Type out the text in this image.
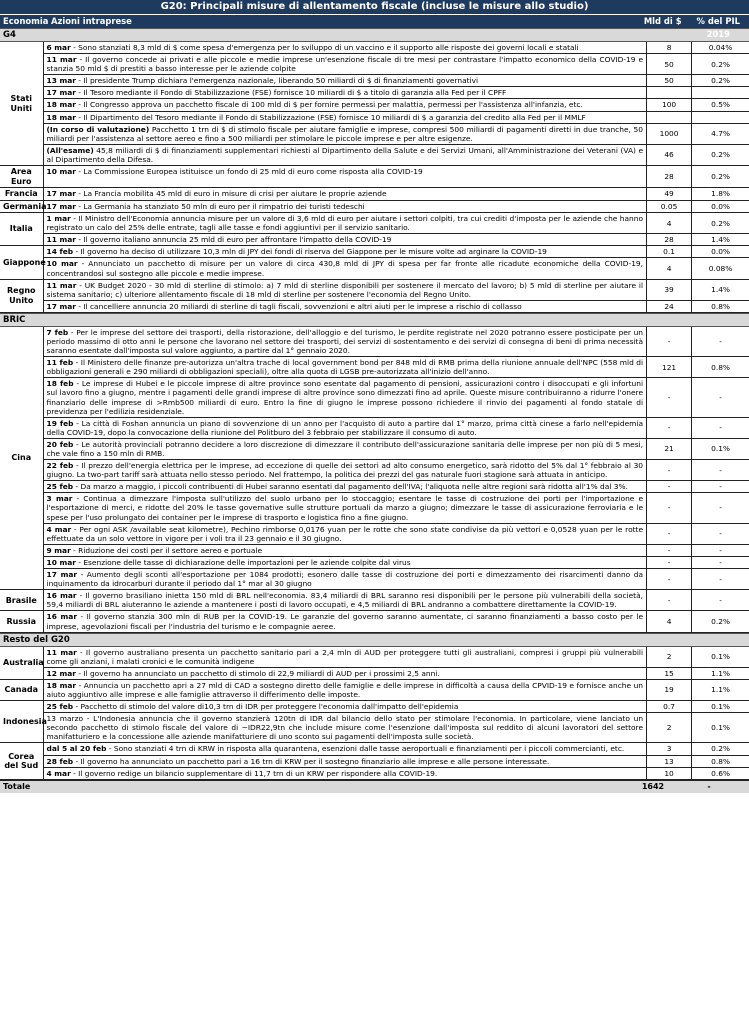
G20: Principali misure di allentamento fiscale (incluse le misure allo studio)
Economia Azioni intraprese	Mld di $	% del PIL 2019
G4
Stati Uniti	6 mar - Sono stanziati 8,3 mld di $ come spesa d'emergenza per lo sviluppo di un vaccino e il supporto alle risposte dei governi locali e statali	8	0.04%
	11 mar - Il governo concede ai privati e alle piccole e medie imprese un'esenzione fiscale di tre mesi per contrastare l'impatto economico della COVID-19 e stanzia 50 mld $ di prestiti a basso interesse per le aziende colpite	50	0.2%
	13 mar - Il presidente Trump dichiara l'emergenza nazionale, liberando 50 miliardi di $ di finanziamenti governativi	50	0.2%
	17 mar - Il Tesoro mediante il Fondo di Stabilizzazione (FSE) fornisce 10 miliardi di $ a titolo di garanzia alla Fed per il CPFF		
	18 mar - Il Congresso approva un pacchetto fiscale di 100 mld di $ per fornire permessi per malattia, permessi per l'assistenza all'infanzia, etc.	100	0.5%
	18 mar - Il Dipartimento del Tesoro mediante il Fondo di Stabilizzazione (FSE) fornisce 10 miliardi di $ a garanzia del credito alla Fed per il MMLF		
	(In corso di valutazione) Pacchetto 1 trn di $ di stimolo fiscale per aiutare famiglie e imprese, compresi 500 miliardi di pagamenti diretti in due tranche, 50 miliardi per l'assistenza al settore aereo e fino a 500 miliardi per stimolare le piccole imprese e per altre esigenze.	1000	4.7%
	(All'esame) 45,8 miliardi di $ di finanziamenti supplementari richiesti al Dipartimento della Salute e dei Servizi Umani, all'Amministrazione dei Veterani (VA) e al Dipartimento della Difesa.	46	0.2%
Area Euro	10 mar - La Commissione Europea istituisce un fondo di 25 mld di euro come risposta alla COVID-19	28	0.2%
Francia	17 mar - La Francia mobilita 45 mld di euro in misure di crisi per aiutare le proprie aziende	49	1.8%
Germania	17 mar - La Germania ha stanziato 50 mln di euro per il rimpatrio dei turisti tedeschi	0.05	0.0%
Italia	1 mar - Il Ministro dell'Economia annuncia misure per un valore di 3,6 mld di euro per aiutare i settori colpiti, tra cui crediti d'imposta per le aziende che hanno registrato un calo del 25% delle entrate, tagli alle tasse e fondi aggiuntivi per il servizio sanitario.	4	0.2%
	11 mar - Il governo italiano annuncia 25 mld di euro per affrontare l'impatto della COVID-19	28	1.4%
Giappone	14 feb - Il governo ha deciso di utilizzare 10,3 mln di JPY dei fondi di riserva del Giappone per le misure volte ad arginare la COVID-19	0.1	0.0%
	10 mar - Annunciato un pacchetto di misure per un valore di circa 430,8 mld di JPY di spesa per far fronte alle ricadute economiche della COVID-19, concentrandosi sul sostegno alle piccole e medie imprese.	4	0.08%
Regno Unito	11 mar - UK Budget 2020 - 30 mld di sterline di stimolo: a) 7 mld di sterline disponibili per sostenere il mercato del lavoro; b) 5 mld di sterline per aiutare il sistema sanitario; c) ulteriore allentamento fiscale di 18 mld di sterline per sostenere l'economia del Regno Unito.	39	1.4%
	17 mar - Il cancelliere annuncia 20 miliardi di sterline di tagli fiscali, sovvenzioni e altri aiuti per le imprese a rischio di collasso	24	0.8%
BRIC
Cina	7 feb - Per le imprese del settore dei trasporti, della ristorazione, dell'alloggio e del turismo, le perdite registrate nel 2020 potranno essere posticipate per un periodo massimo di otto anni le persone che lavorano nel settore dei trasporti, dei servizi di sostentamento e dei servizi di consegna di beni di prima necessità saranno esentate dall'imposta sul valore aggiunto, a partire dal 1° gennaio 2020.	-	-
	11 feb - Il Ministero delle finanze pre-autorizza un'altra trache di local government bond per 848 mld di RMB prima della riunione annuale dell'NPC (558 mld di obbligazioni generali e 290 miliardi di obbligazioni speciali), oltre alla quota di LGSB pre-autorizzata all'inizio dell'anno.	121	0.8%
	18 feb - Le imprese di Hubei e le piccole imprese di altre province sono esentate dal pagamento di pensioni, assicurazioni contro i disoccupati e gli infortuni sul lavoro fino a giugno, mentre i pagamenti delle grandi imprese di altre province sono dimezzati fino ad aprile. Queste misure contribuiranno a ridurre l'onere finanziario delle imprese di >Rmb500 miliardi di euro. Entro la fine di giugno le imprese possono richiedere il rinvio dei pagamenti al fondo statale di previdenza per l'edilizia residenziale.	-	-
	19 feb - La città di Foshan annuncia un piano di sovvenzione di un anno per l'acquisto di auto a partire dal 1° marzo, prima città cinese a farlo nell'epidemia della COVID-19, dopo la convocazione della riunione del Politburo del 3 febbraio per stabilizzare il consumo di auto.	-	-
	20 feb - Le autorità provinciali potranno decidere a loro discrezione di dimezzare il contributo dell'assicurazione sanitaria delle imprese per non più di 5 mesi, che vale fino a 150 mln di RMB.	21	0.1%
	22 feb - Il prezzo dell'energia elettrica per le imprese, ad eccezione di quelle dei settori ad alto consumo energetico, sarà ridotto del 5% dal 1° febbraio al 30 giugno. La two-part tariff sarà attuata nello stesso periodo. Nel frattempo, la politica dei prezzi del gas naturale fuori stagione sarà attuata in anticipo.	-	-
	25 feb - Da marzo a maggio, i piccoli contribuenti di Hubei saranno esentati dal pagamento dell'IVA; l'aliquota nelle altre regioni sarà ridotta all'1% dal 3%.	-	-
	3 mar - Continua a dimezzare l'imposta sull'utilizzo del suolo urbano per lo stoccaggio; esentare le tasse di costruzione dei porti per l'importazione e l'esportazione di merci, e ridotte del 20% le tasse governative sulle strutture portuali da marzo a giugno; dimezzare le tasse di assicurazione ferroviaria e le spese per l'uso prolungato dei container per le imprese di trasporto e logistica fino a fine giugno.	-	-
	4 mar - Per ogni ASK /available seat kilometre), Pechino rimborse 0,0176 yuan per le rotte che sono state condivise da più vettori e 0,0528 yuan per le rotte effettuate da un solo vettore in vigore per i voli tra il 23 gennaio e il 30 giugno.	-	-
	9 mar - Riduzione dei costi per il settore aereo e portuale	-	-
	10 mar - Esenzione delle tasse di dichiarazione delle importazioni per le aziende colpite dal virus	-	-
	17 mar - Aumento degli sconti all'esportazione per 1084 prodotti; esonero dalle tasse di costruzione dei porti e dimezzamento dei risarcimenti danno da inquinamento da idrocarburi durante il periodo dal 1° mar al 30 giugno	-	-
Brasile	16 mar - Il governo brasiliano inietta 150 mld di BRL nell'economia. 83,4 miliardi di BRL saranno resi disponibili per le persone più vulnerabili della società, 59,4 miliardi di BRL aiuteranno le aziende a mantenere i posti di lavoro occupati, e 4,5 miliardi di BRL andranno a combattere direttamente la COVID-19.	-	-
Russia	16 mar - Il governo stanzia 300 mln di RUB per la COVID-19. Le garanzie del governo saranno aumentate, ci saranno finanziamenti a basso costo per le imprese, agevolazioni fiscali per l'industria del turismo e le compagnie aeree.	4	0.2%
Resto del G20
Australia	11 mar - Il governo australiano presenta un pacchetto sanitario pari a 2,4 mln di AUD per proteggere tutti gli australiani, compresi i gruppi più vulnerabili come gli anziani, i malati cronici e le comunità indigene	2	0.1%
	12 mar - Il governo ha annunciato un pacchetto di stimolo di 22,9 miliardi di AUD per i prossimi 2,5 anni.	15	1.1%
Canada	18 mar - Annuncia un pacchetto apri a 27 mld di CAD a sostegno diretto delle famiglie e delle imprese in difficoltà a causa della CPVID-19 e fornisce anche un aiuto aggiuntivo alle imprese e alle famiglie attraverso il differimento delle imposte.	19	1.1%
Indonesia	25 feb - Pacchetto di stimolo del valore di10,3 trn di IDR per proteggere l'economia dall'impatto dell'epidemia	0.7	0.1%
	13 marzo - L'Indonesia annuncia che il governo stanzierà 120tn di IDR dal bilancio dello stato per stimolare l'economia. In particolare, viene lanciato un secondo pacchetto di stimolo fiscale del valore di ~IDR22,9tn che include misure come l'esenzione dall'imposta sul reddito di alcuni lavoratori del settore manifatturiero e la concessione alle aziende manifatturiere di uno sconto sui pagamenti dell'imposta sulle società.	2	0.1%
Corea del Sud	dal 5 al 20 feb - Sono stanziati 4 trn di KRW in risposta alla quarantena, esenzioni dalle tasse aeroportuali e finanziamenti per i piccoli commercianti, etc.	3	0.2%
	28 feb - Il governo ha annunciato un pacchetto pari a 16 trn di KRW per il sostegno finanziario alle imprese e alle persone interessate.	13	0.8%
	4 mar - Il governo redige un bilancio supplementare di 11,7 trn di un KRW per rispondere alla COVID-19.	10	0.6%
Totale	1642	-
